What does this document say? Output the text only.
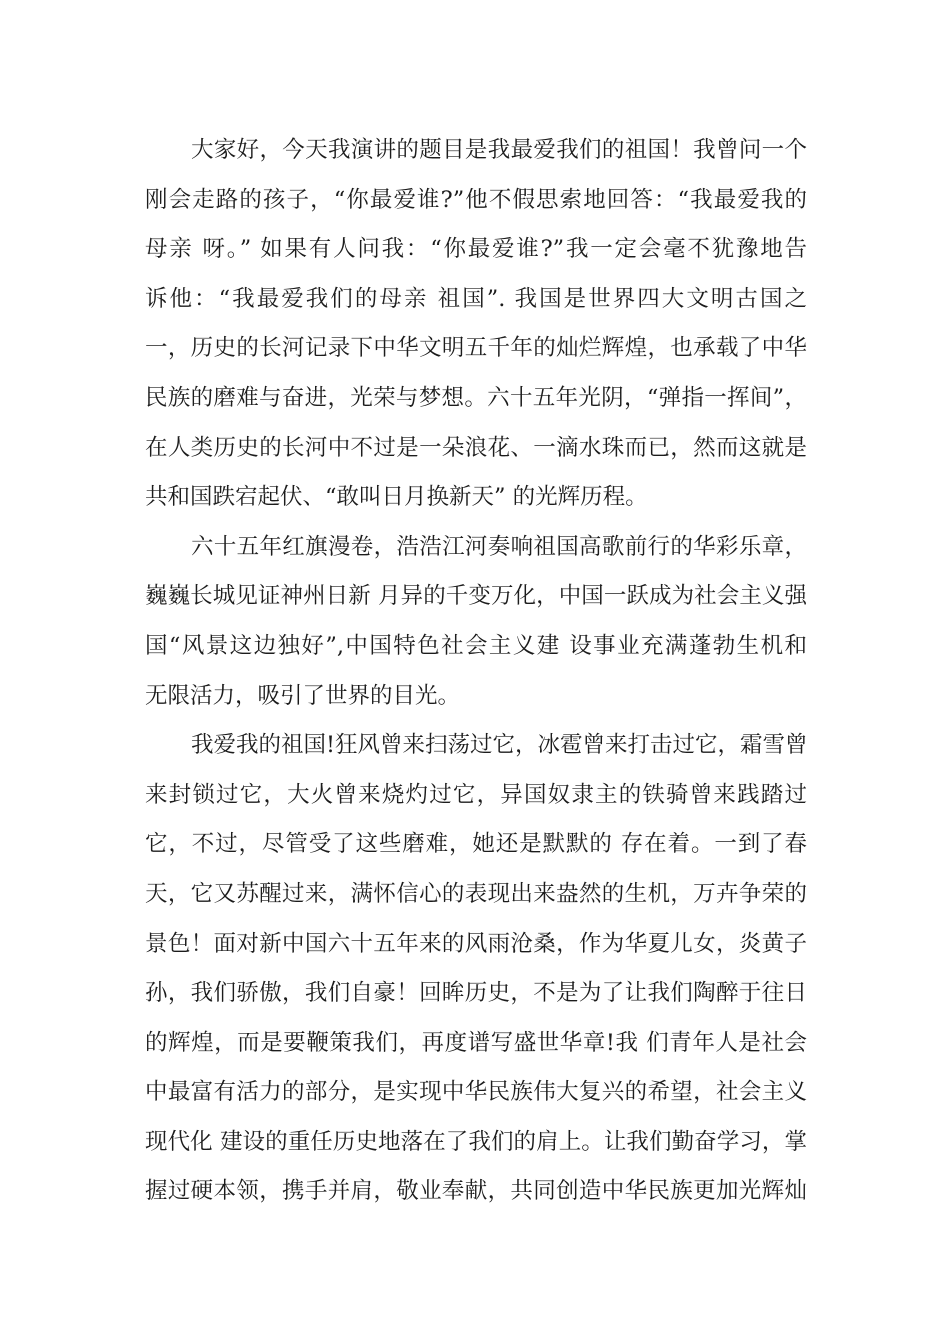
大家好，今天我演讲的题目是我最爱我们的祖国！我曾问一个
刚会走路的孩子，“你最爱谁?”他不假思索地回答：“我最爱我的
母亲 呀。” 如果有人问我：“你最爱谁?”我一定会毫不犹豫地告
诉他：“我最爱我们的母亲 祖国”. 我国是世界四大文明古国之
一，历史的长河记录下中华文明五千年的灿烂辉煌，也承载了中华
民族的磨难与奋进，光荣与梦想。六十五年光阴，“弹指一挥间”，
在人类历史的长河中不过是一朵浪花、一滴水珠而已，然而这就是
共和国跌宕起伏、“敢叫日月换新天” 的光辉历程。
六十五年红旗漫卷，浩浩江河奏响祖国高歌前行的华彩乐章，
巍巍长城见证神州日新 月异的千变万化，中国一跃成为社会主义强
国“风景这边独好”,中国特色社会主义建 设事业充满蓬勃生机和
无限活力，吸引了世界的目光。
我爱我的祖国!狂风曾来扫荡过它，冰雹曾来打击过它，霜雪曾
来封锁过它，大火曾来烧灼过它，异国奴隶主的铁骑曾来践踏过
它，不过，尽管受了这些磨难，她还是默默的 存在着。一到了春
天，它又苏醒过来，满怀信心的表现出来盎然的生机，万卉争荣的
景色！面对新中国六十五年来的风雨沧桑，作为华夏儿女，炎黄子
孙，我们骄傲，我们自豪！回眸历史，不是为了让我们陶醉于往日
的辉煌，而是要鞭策我们，再度谱写盛世华章!我 们青年人是社会
中最富有活力的部分，是实现中华民族伟大复兴的希望，社会主义
现代化 建设的重任历史地落在了我们的肩上。让我们勤奋学习，掌
握过硬本领，携手并肩，敬业奉献，共同创造中华民族更加光辉灿
